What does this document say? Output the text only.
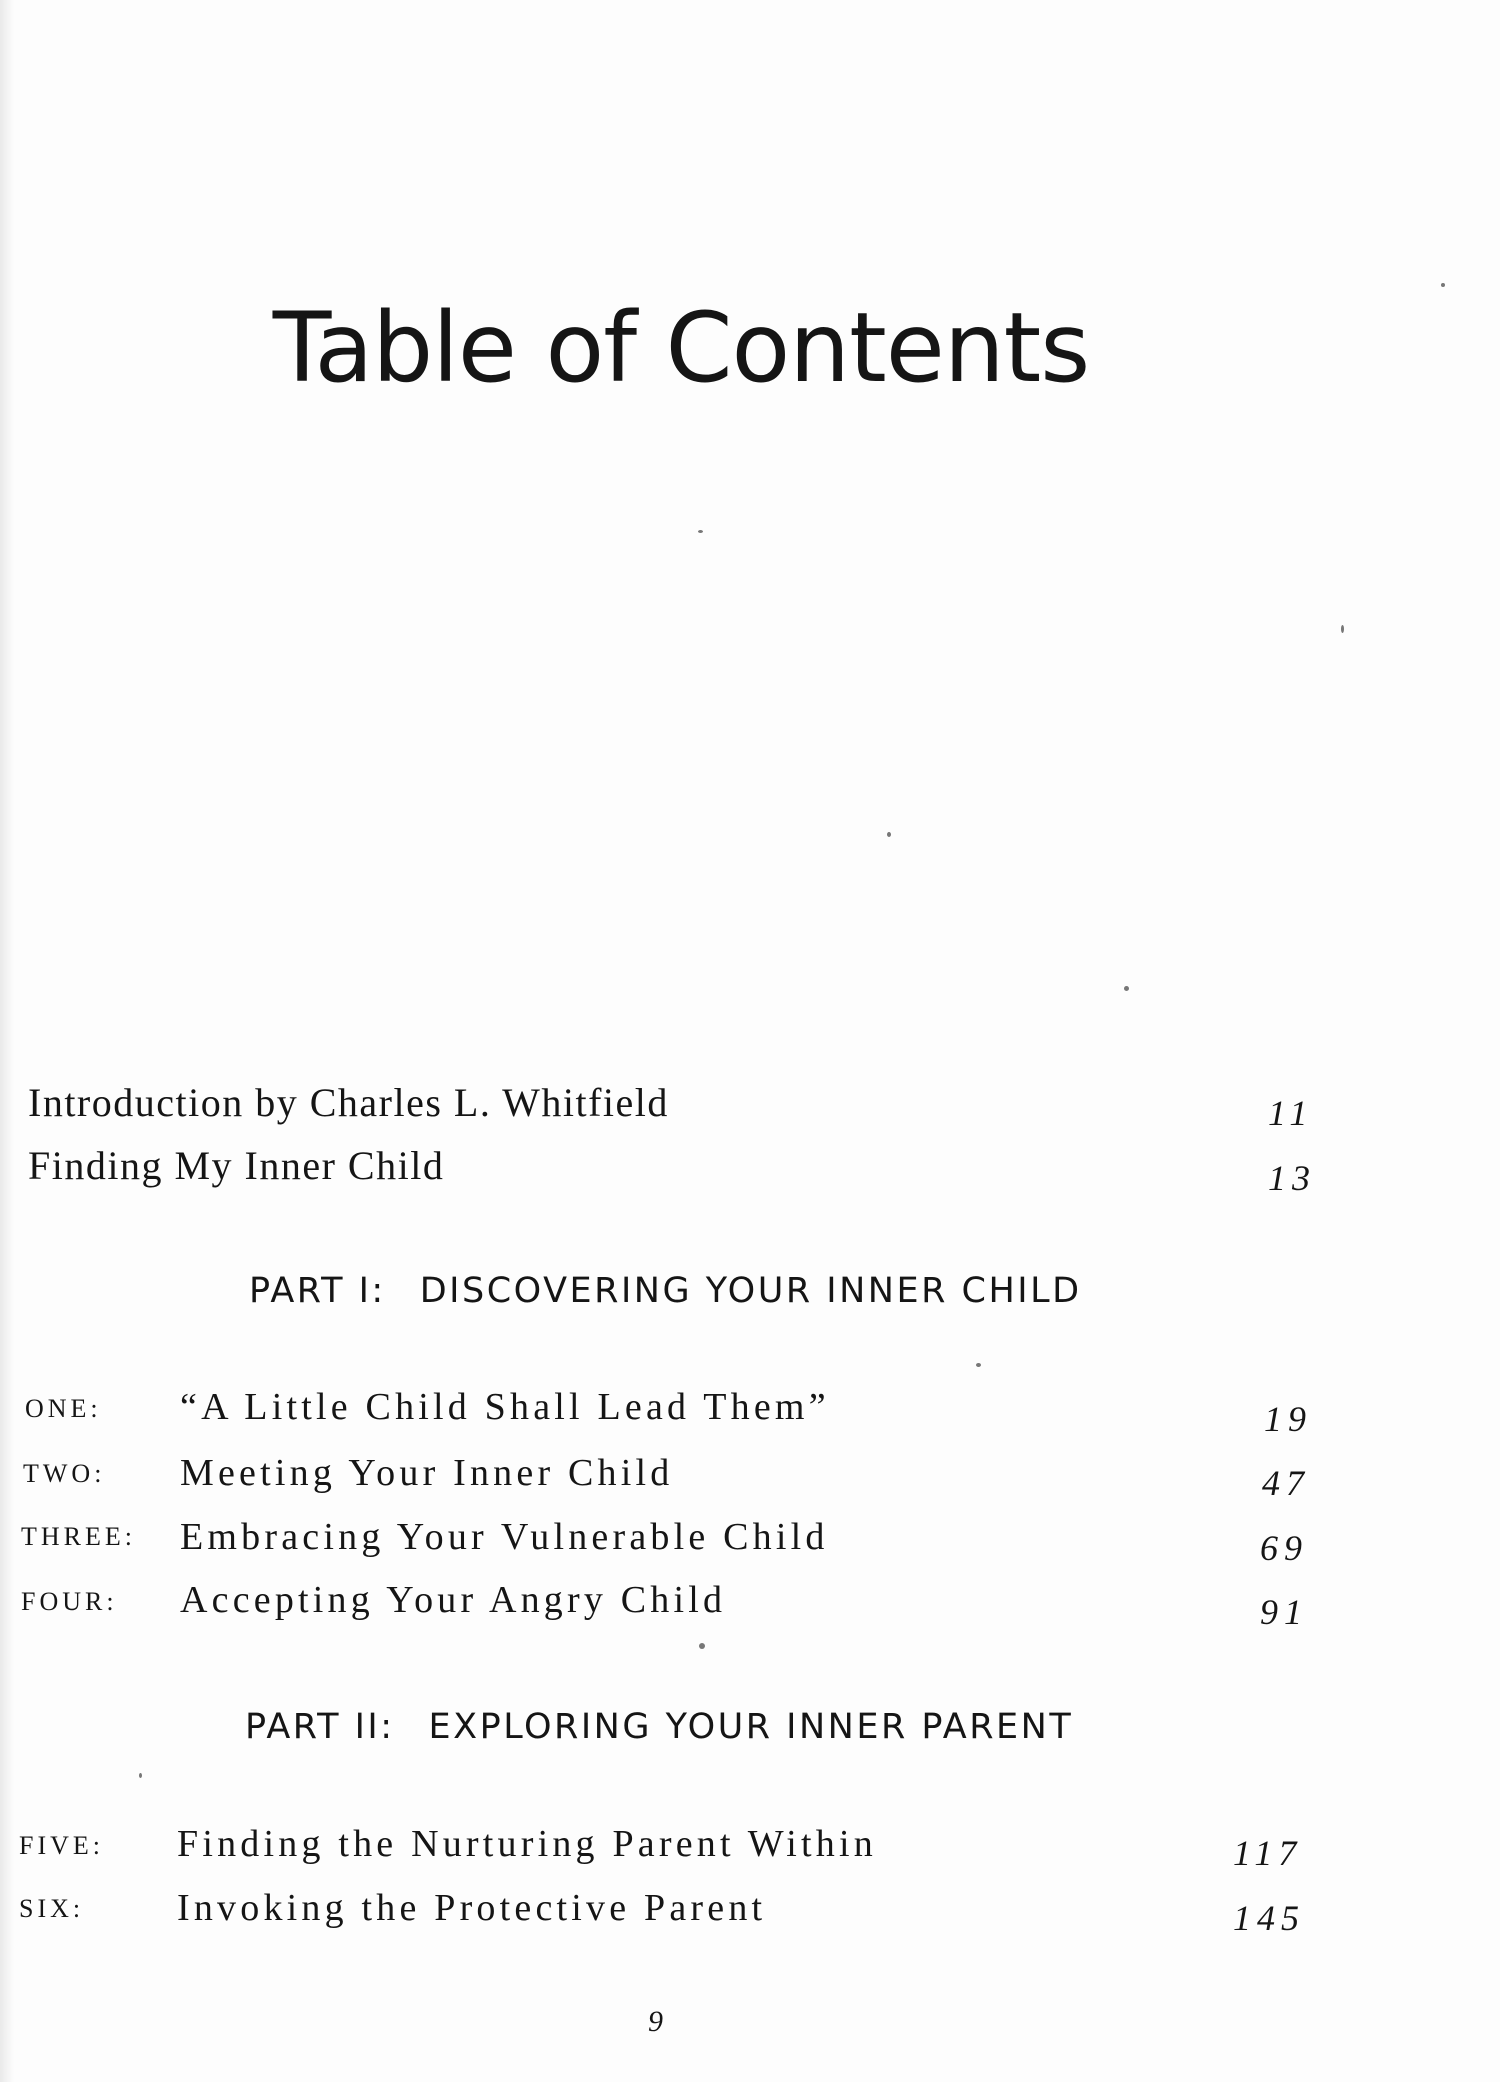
Table of Contents
Introduction by Charles L. Whitfield	11
Finding My Inner Child	13
PART I: DISCOVERING YOUR INNER CHILD
ONE: “A Little Child Shall Lead Them”	19
TWO: Meeting Your Inner Child	47
THREE: Embracing Your Vulnerable Child	69
FOUR: Accepting Your Angry Child	91
PART II: EXPLORING YOUR INNER PARENT
FIVE: Finding the Nurturing Parent Within	117
SIX: Invoking the Protective Parent	145
9
